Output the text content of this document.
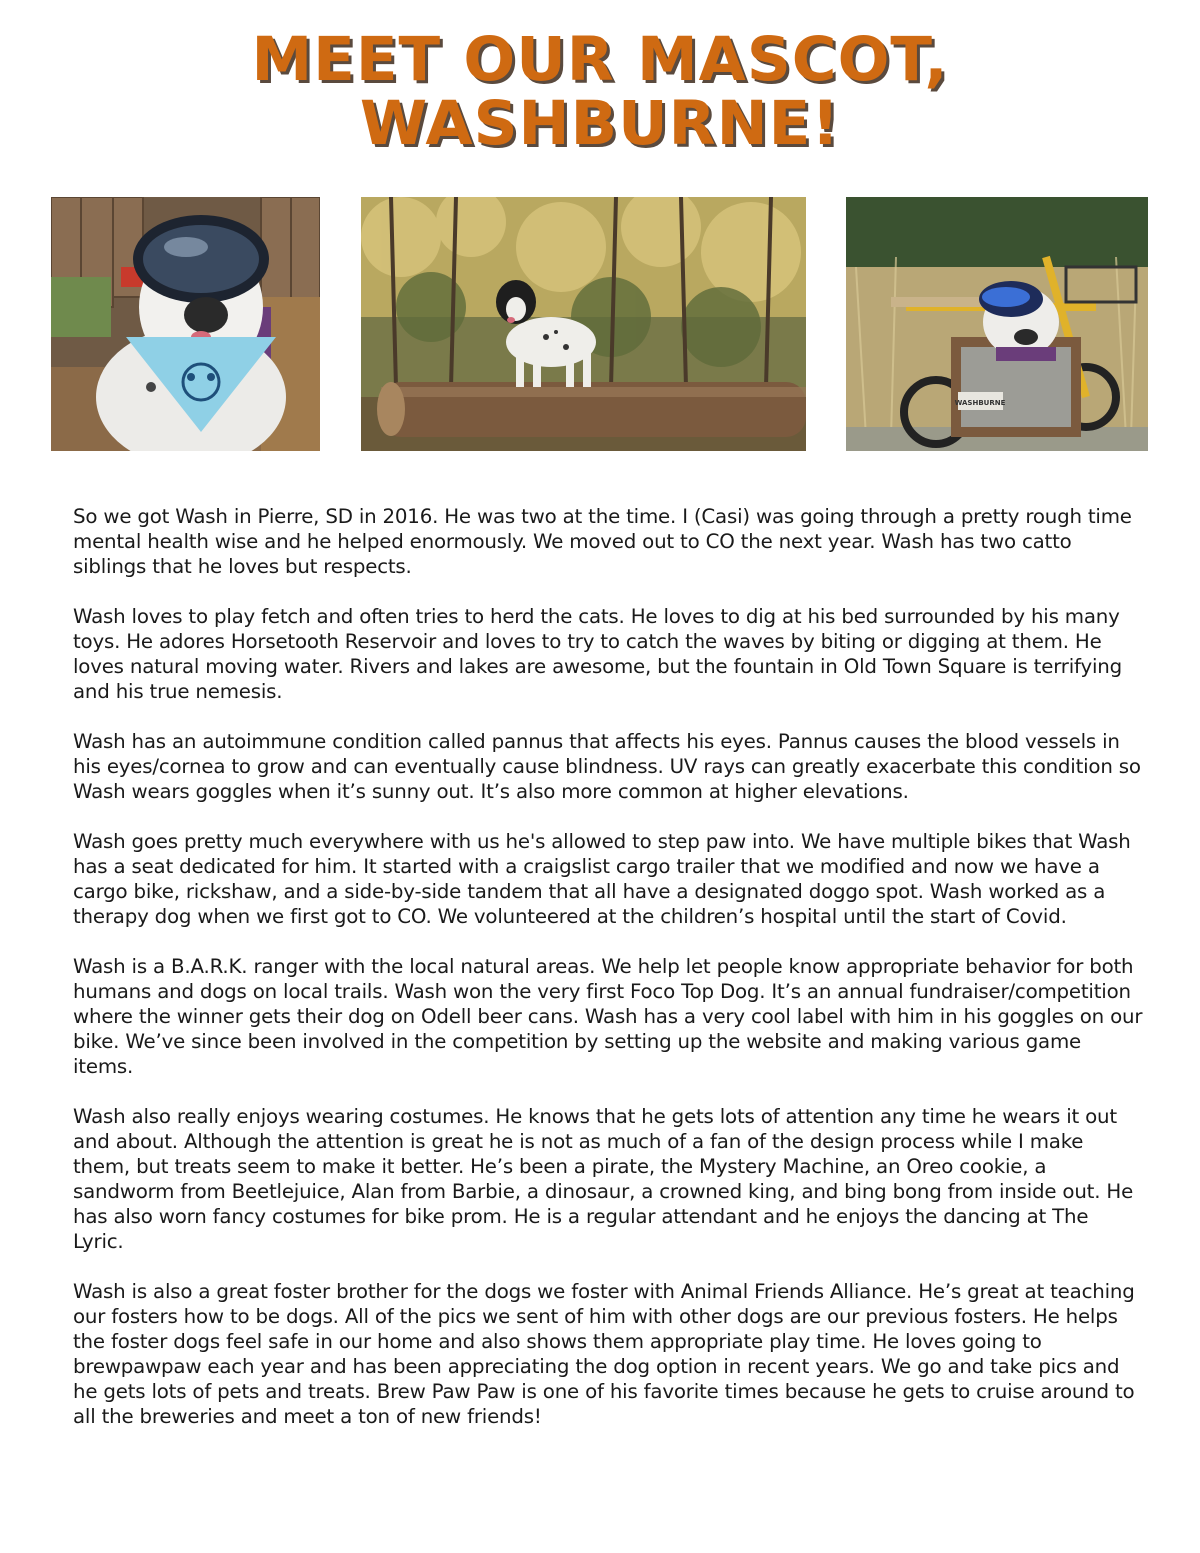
MEET OUR MASCOT,
WASHBURNE!
WASHBURNE

So we got Wash in Pierre, SD in 2016. He was two at the time. I (Casi) was going through a pretty rough time mental health wise and he helped enormously. We moved out to CO the next year. Wash has two catto siblings that he loves but respects.

Wash loves to play fetch and often tries to herd the cats. He loves to dig at his bed surrounded by his many toys. He adores Horsetooth Reservoir and loves to try to catch the waves by biting or digging at them. He loves natural moving water. Rivers and lakes are awesome, but the fountain in Old Town Square is terrifying and his true nemesis.

Wash has an autoimmune condition called pannus that affects his eyes. Pannus causes the blood vessels in his eyes/cornea to grow and can eventually cause blindness. UV rays can greatly exacerbate this condition so Wash wears goggles when it’s sunny out. It’s also more common at higher elevations.

Wash goes pretty much everywhere with us he's allowed to step paw into. We have multiple bikes that Wash has a seat dedicated for him. It started with a craigslist cargo trailer that we modified and now we have a cargo bike, rickshaw, and a side-by-side tandem that all have a designated doggo spot. Wash worked as a therapy dog when we first got to CO. We volunteered at the children’s hospital until the start of Covid.

Wash is a B.A.R.K. ranger with the local natural areas. We help let people know appropriate behavior for both humans and dogs on local trails. Wash won the very first Foco Top Dog. It’s an annual fundraiser/competition where the winner gets their dog on Odell beer cans. Wash has a very cool label with him in his goggles on our bike. We’ve since been involved in the competition by setting up the website and making various game items.

Wash also really enjoys wearing costumes. He knows that he gets lots of attention any time he wears it out and about. Although the attention is great he is not as much of a fan of the design process while I make them, but treats seem to make it better. He’s been a pirate, the Mystery Machine, an Oreo cookie, a sandworm from Beetlejuice, Alan from Barbie, a dinosaur, a crowned king, and bing bong from inside out. He has also worn fancy costumes for bike prom. He is a regular attendant and he enjoys the dancing at The Lyric.

Wash is also a great foster brother for the dogs we foster with Animal Friends Alliance. He’s great at teaching our fosters how to be dogs. All of the pics we sent of him with other dogs are our previous fosters. He helps the foster dogs feel safe in our home and also shows them appropriate play time. He loves going to brewpawpaw each year and has been appreciating the dog option in recent years. We go and take pics and he gets lots of pets and treats. Brew Paw Paw is one of his favorite times because he gets to cruise around to all the breweries and meet a ton of new friends!
